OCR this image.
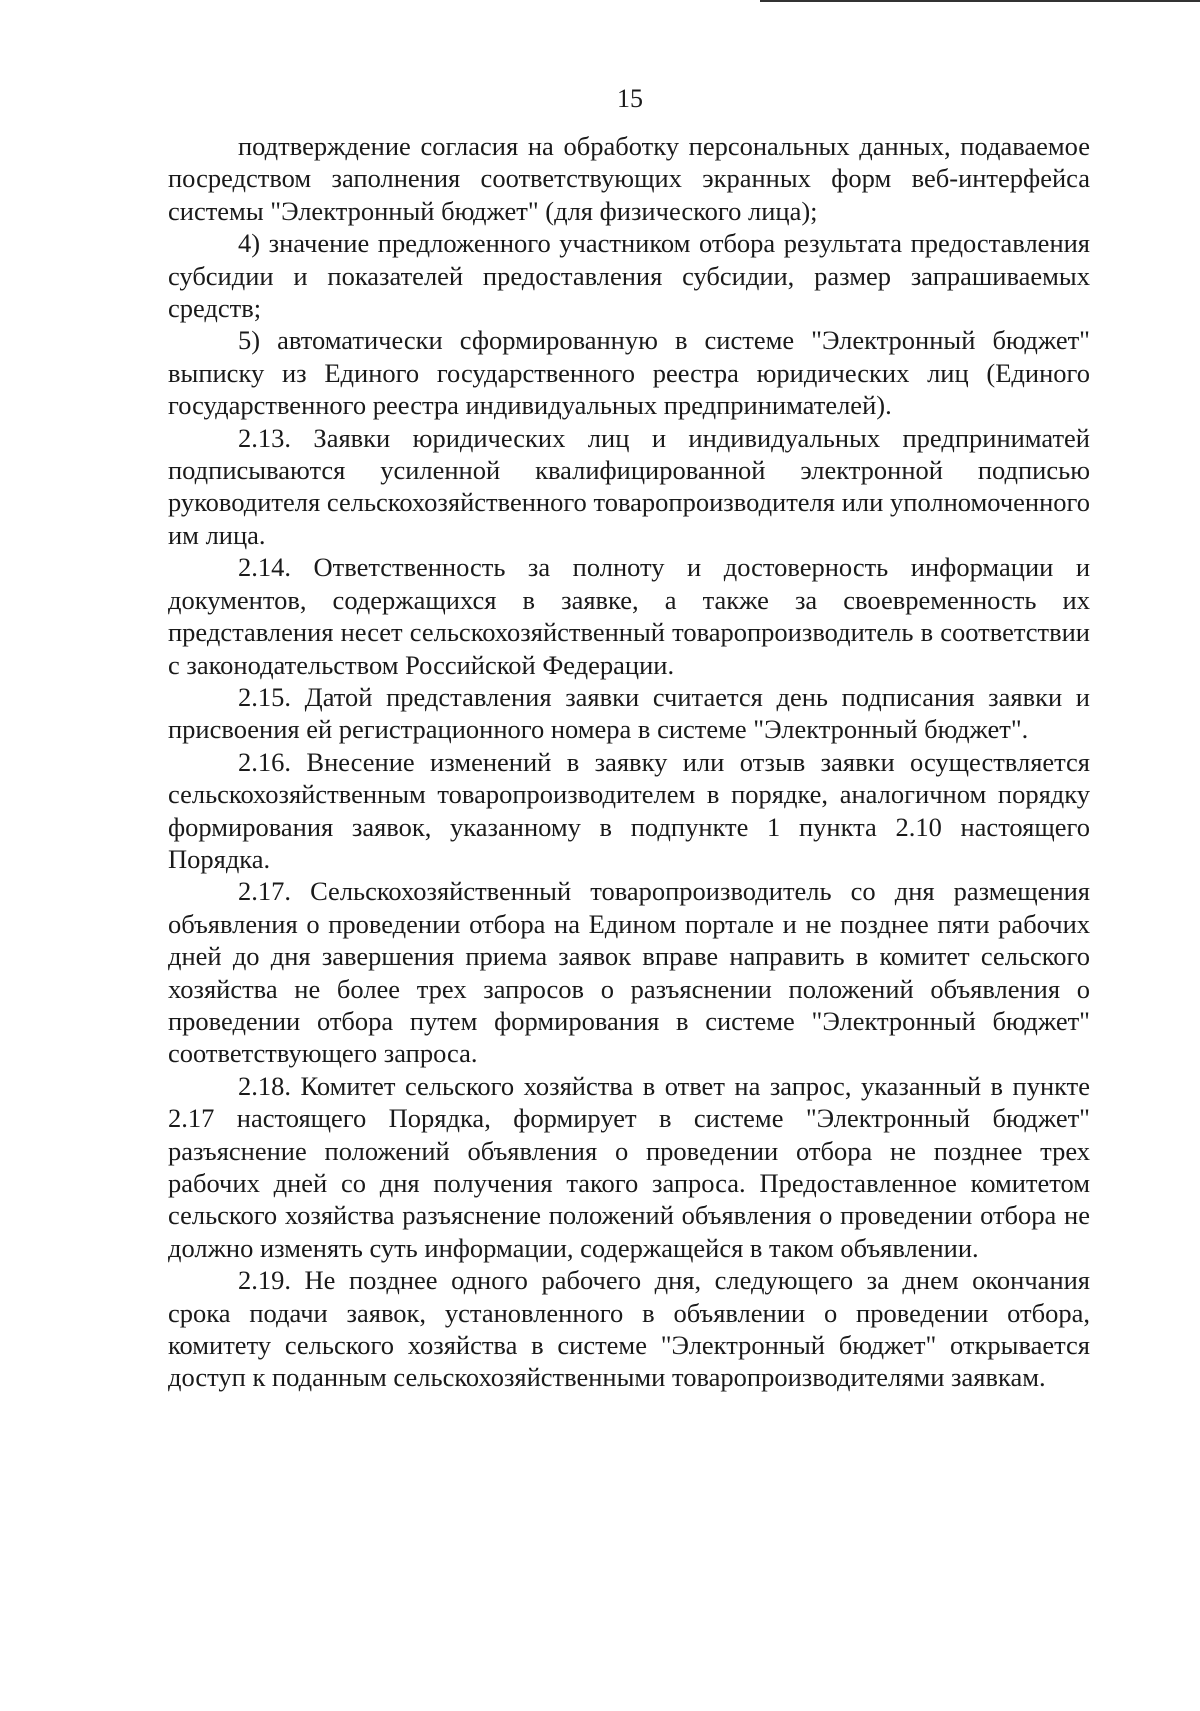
15

подтверждение согласия на обработку персональных данных, подаваемое посредством заполнения соответствующих экранных форм веб-интерфейса системы "Электронный бюджет" (для физического лица);

4) значение предложенного участником отбора результата предоставления субсидии и показателей предоставления субсидии, размер запрашиваемых средств;

5) автоматически сформированную в системе "Электронный бюджет" выписку из Единого государственного реестра юридических лиц (Единого государственного реестра индивидуальных предпринимателей).

2.13. Заявки юридических лиц и индивидуальных предприниматей подписываются усиленной квалифицированной электронной подписью руководителя сельскохозяйственного товаропроизводителя или уполномоченного им лица.

2.14. Ответственность за полноту и достоверность информации и документов, содержащихся в заявке, а также за своевременность их представления несет сельскохозяйственный товаропроизводитель в соответствии с законодательством Российской Федерации.

2.15. Датой представления заявки считается день подписания заявки и присвоения ей регистрационного номера в системе "Электронный бюджет".

2.16. Внесение изменений в заявку или отзыв заявки осуществляется сельскохозяйственным товаропроизводителем в порядке, аналогичном порядку формирования заявок, указанному в подпункте 1 пункта 2.10 настоящего Порядка.

2.17. Сельскохозяйственный товаропроизводитель со дня размещения объявления о проведении отбора на Едином портале и не позднее пяти рабочих дней до дня завершения приема заявок вправе направить в комитет сельского хозяйства не более трех запросов о разъяснении положений объявления о проведении отбора путем формирования в системе "Электронный бюджет" соответствующего запроса.

2.18. Комитет сельского хозяйства в ответ на запрос, указанный в пункте 2.17 настоящего Порядка, формирует в системе "Электронный бюджет" разъяснение положений объявления о проведении отбора не позднее трех рабочих дней со дня получения такого запроса. Предоставленное комитетом сельского хозяйства разъяснение положений объявления о проведении отбора не должно изменять суть информации, содержащейся в таком объявлении.

2.19. Не позднее одного рабочего дня, следующего за днем окончания срока подачи заявок, установленного в объявлении о проведении отбора, комитету сельского хозяйства в системе "Электронный бюджет" открывается доступ к поданным сельскохозяйственными товаропроизводителями заявкам.
